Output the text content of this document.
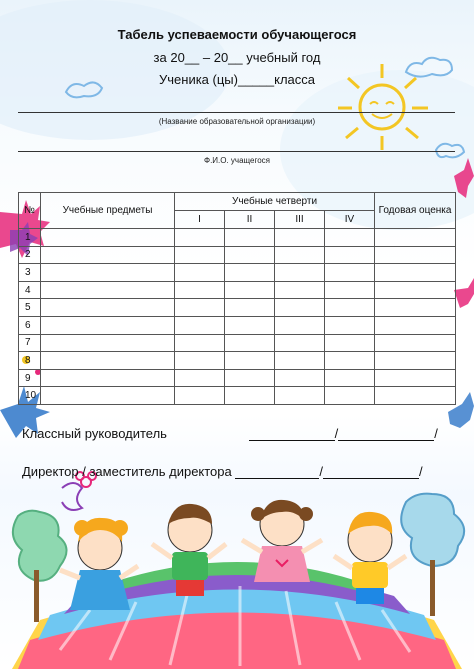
Табель успеваемости обучающегося
за 20__ – 20__ учебный год
Ученика (цы)_____класса
(Название образовательной организации)
Ф.И.О. учащегося
№	Учебные предметы	Учебные четверти				Годовая оценка
		I	II	III	IV	
1						
2						
3						
4						
5						
6						
7						
8						
9						
10						
Классный руководитель	/	/
Директор / заместитель директора	/	/
